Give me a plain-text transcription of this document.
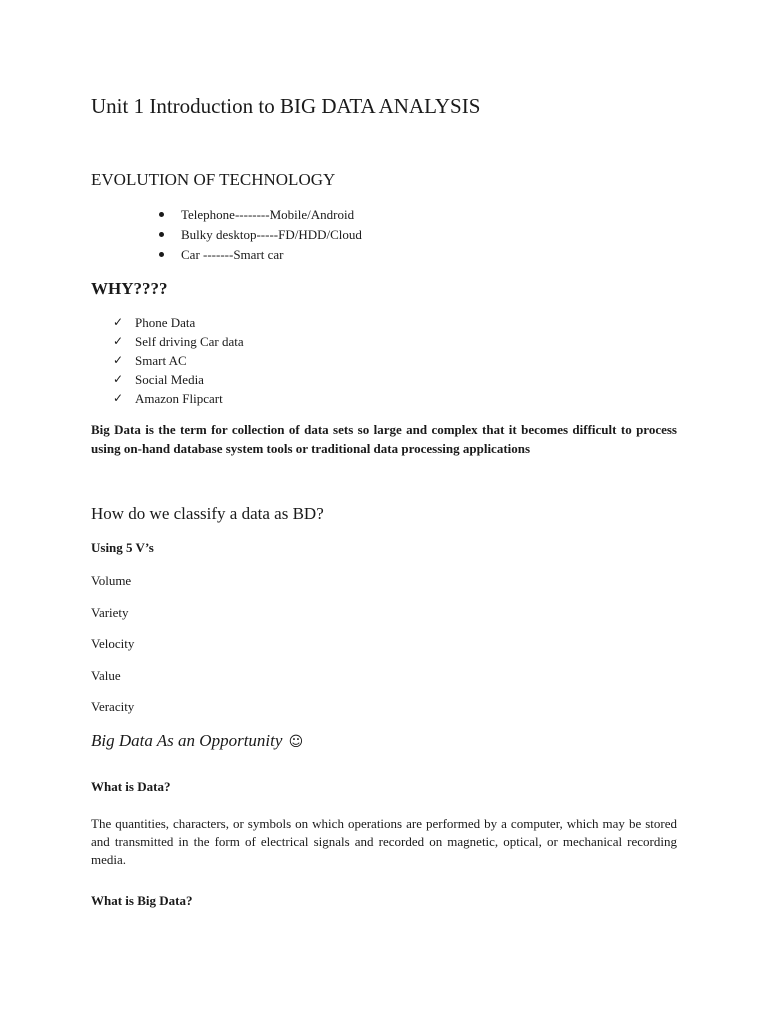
Unit 1 Introduction to BIG DATA ANALYSIS
EVOLUTION OF TECHNOLOGY
Telephone--------Mobile/Android
Bulky desktop-----FD/HDD/Cloud
Car -------Smart car
WHY????
✓ Phone Data
✓ Self driving Car data
✓ Smart AC
✓ Social Media
✓ Amazon Flipcart
Big Data is the term for collection of data sets so large and complex that it becomes difficult to process using on-hand database system tools or traditional data processing applications
How do we classify a data as BD?
Using 5 V’s
Volume
Variety
Velocity
Value
Veracity
Big Data As an Opportunity ☺
What is Data?
The quantities, characters, or symbols on which operations are performed by a computer, which may be stored and transmitted in the form of electrical signals and recorded on magnetic, optical, or mechanical recording media.
What is Big Data?
